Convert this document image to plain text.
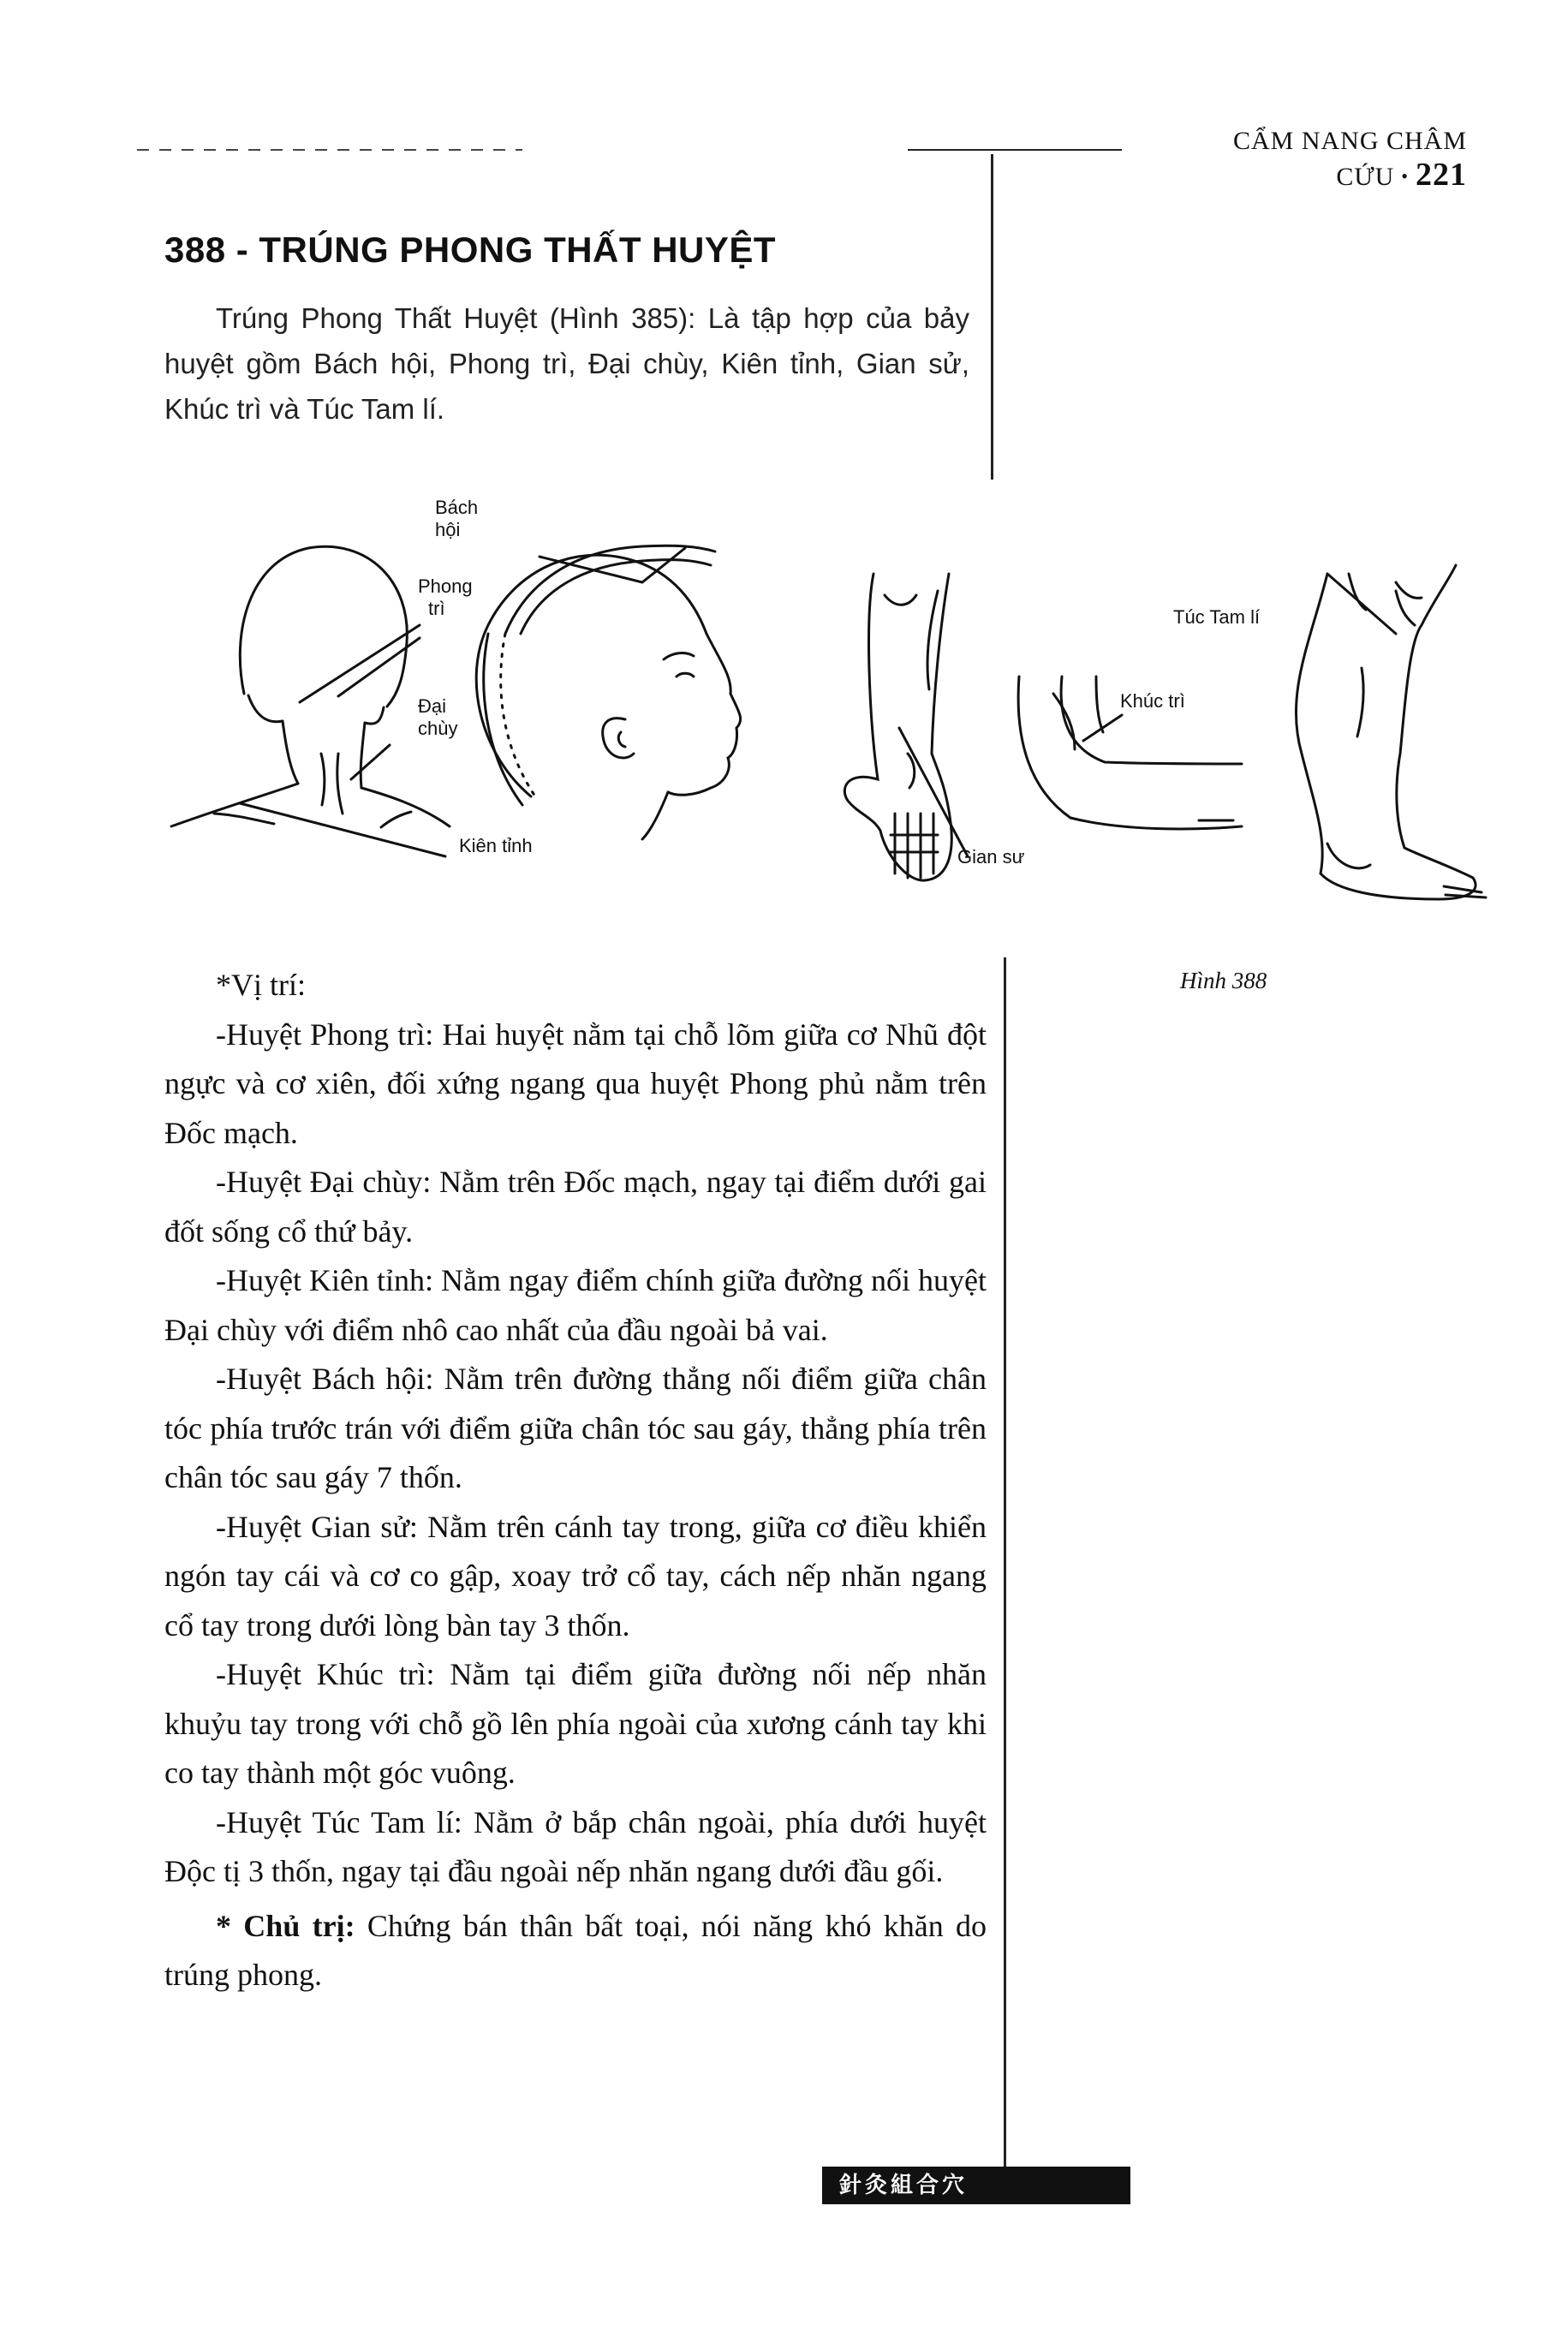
CẨM NANG CHÂM CỨU • 221
388 - TRÚNG PHONG THẤT HUYỆT
Trúng Phong Thất Huyệt (Hình 385): Là tập hợp của bảy huyệt gồm Bách hội, Phong trì, Đại chùy, Kiên tỉnh, Gian sử, Khúc trì và Túc Tam lí.
Bách
hội
Phong
trì
Đại
chùy
Kiên tỉnh
Gian sư
Khúc trì
Túc Tam lí
Hình 388

*Vị trí:

-Huyệt Phong trì: Hai huyệt nằm tại chỗ lõm giữa cơ Nhũ đột ngực và cơ xiên, đối xứng ngang qua huyệt Phong phủ nằm trên Đốc mạch.

-Huyệt Đại chùy: Nằm trên Đốc mạch, ngay tại điểm dưới gai đốt sống cổ thứ bảy.

-Huyệt Kiên tỉnh: Nằm ngay điểm chính giữa đường nối huyệt Đại chùy với điểm nhô cao nhất của đầu ngoài bả vai.

-Huyệt Bách hội: Nằm trên đường thẳng nối điểm giữa chân tóc phía trước trán với điểm giữa chân tóc sau gáy, thẳng phía trên chân tóc sau gáy 7 thốn.

-Huyệt Gian sử: Nằm trên cánh tay trong, giữa cơ điều khiển ngón tay cái và cơ co gập, xoay trở cổ tay, cách nếp nhăn ngang cổ tay trong dưới lòng bàn tay 3 thốn.

-Huyệt Khúc trì: Nằm tại điểm giữa đường nối nếp nhăn khuỷu tay trong với chỗ gồ lên phía ngoài của xương cánh tay khi co tay thành một góc vuông.

-Huyệt Túc Tam lí: Nằm ở bắp chân ngoài, phía dưới huyệt Độc tị 3 thốn, ngay tại đầu ngoài nếp nhăn ngang dưới đầu gối.

* Chủ trị: Chứng bán thân bất toại, nói năng khó khăn do trúng phong.

針灸組合穴
